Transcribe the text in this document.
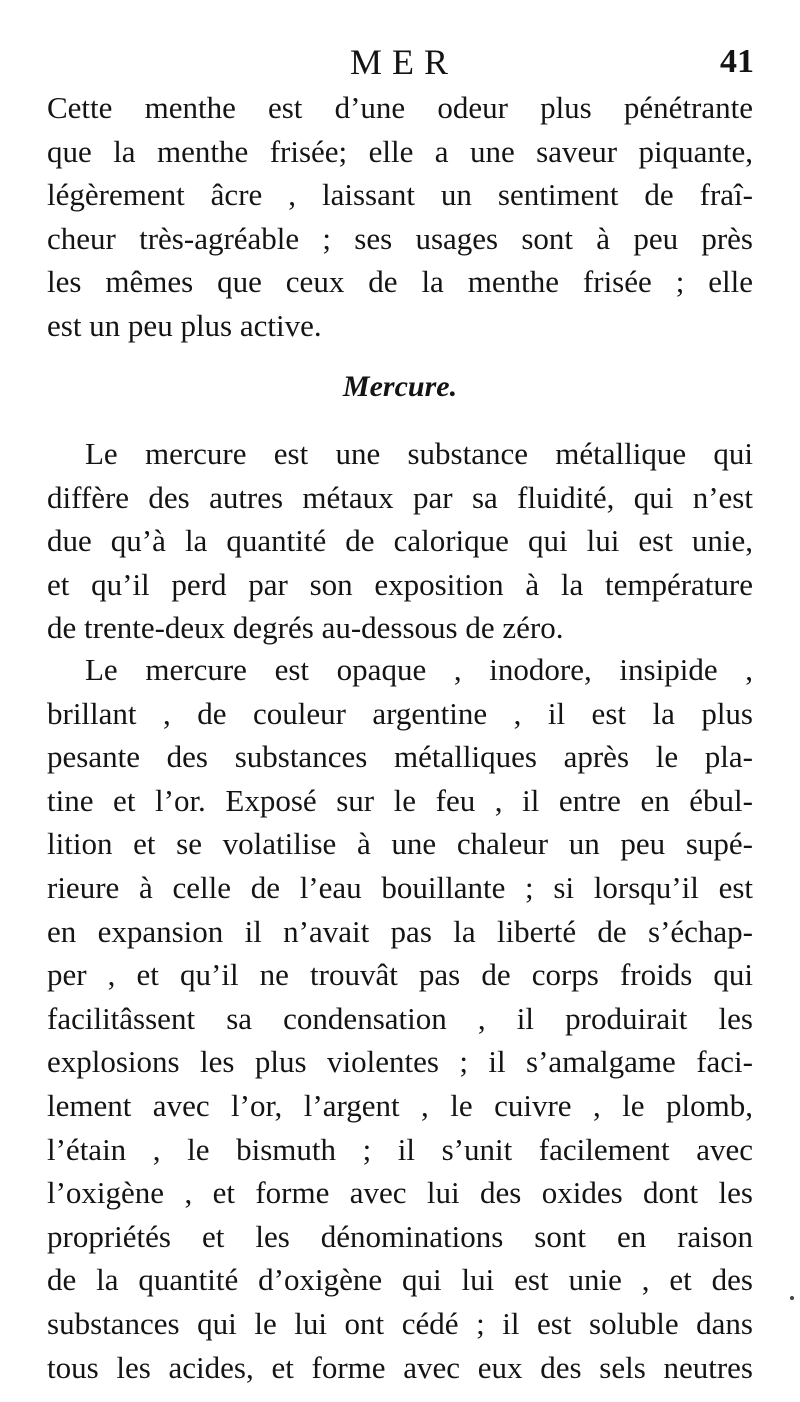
MER	41
Cette menthe est d’une odeur plus pénétrante
que la menthe frisée; elle a une saveur piquante,
légèrement âcre , laissant un sentiment de fraî-
cheur très-agréable ; ses usages sont à peu près
les mêmes que ceux de la menthe frisée ; elle
est un peu plus active.
Mercure.
Le mercure est une substance métallique qui
diffère des autres métaux par sa fluidité, qui n’est
due qu’à la quantité de calorique qui lui est unie,
et qu’il perd par son exposition à la température
de trente-deux degrés au-dessous de zéro.
Le mercure est opaque , inodore, insipide ,
brillant , de couleur argentine , il est la plus
pesante des substances métalliques après le pla-
tine et l’or. Exposé sur le feu , il entre en ébul-
lition et se volatilise à une chaleur un peu supé-
rieure à celle de l’eau bouillante ; si lorsqu’il est
en expansion il n’avait pas la liberté de s’échap-
per , et qu’il ne trouvât pas de corps froids qui
facilitâssent sa condensation , il produirait les
explosions les plus violentes ; il s’amalgame faci-
lement avec l’or, l’argent , le cuivre , le plomb,
l’étain , le bismuth ; il s’unit facilement avec
l’oxigène , et forme avec lui des oxides dont les
propriétés et les dénominations sont en raison
de la quantité d’oxigène qui lui est unie , et des
substances qui le lui ont cédé ; il est soluble dans
tous les acides, et forme avec eux des sels neutres
